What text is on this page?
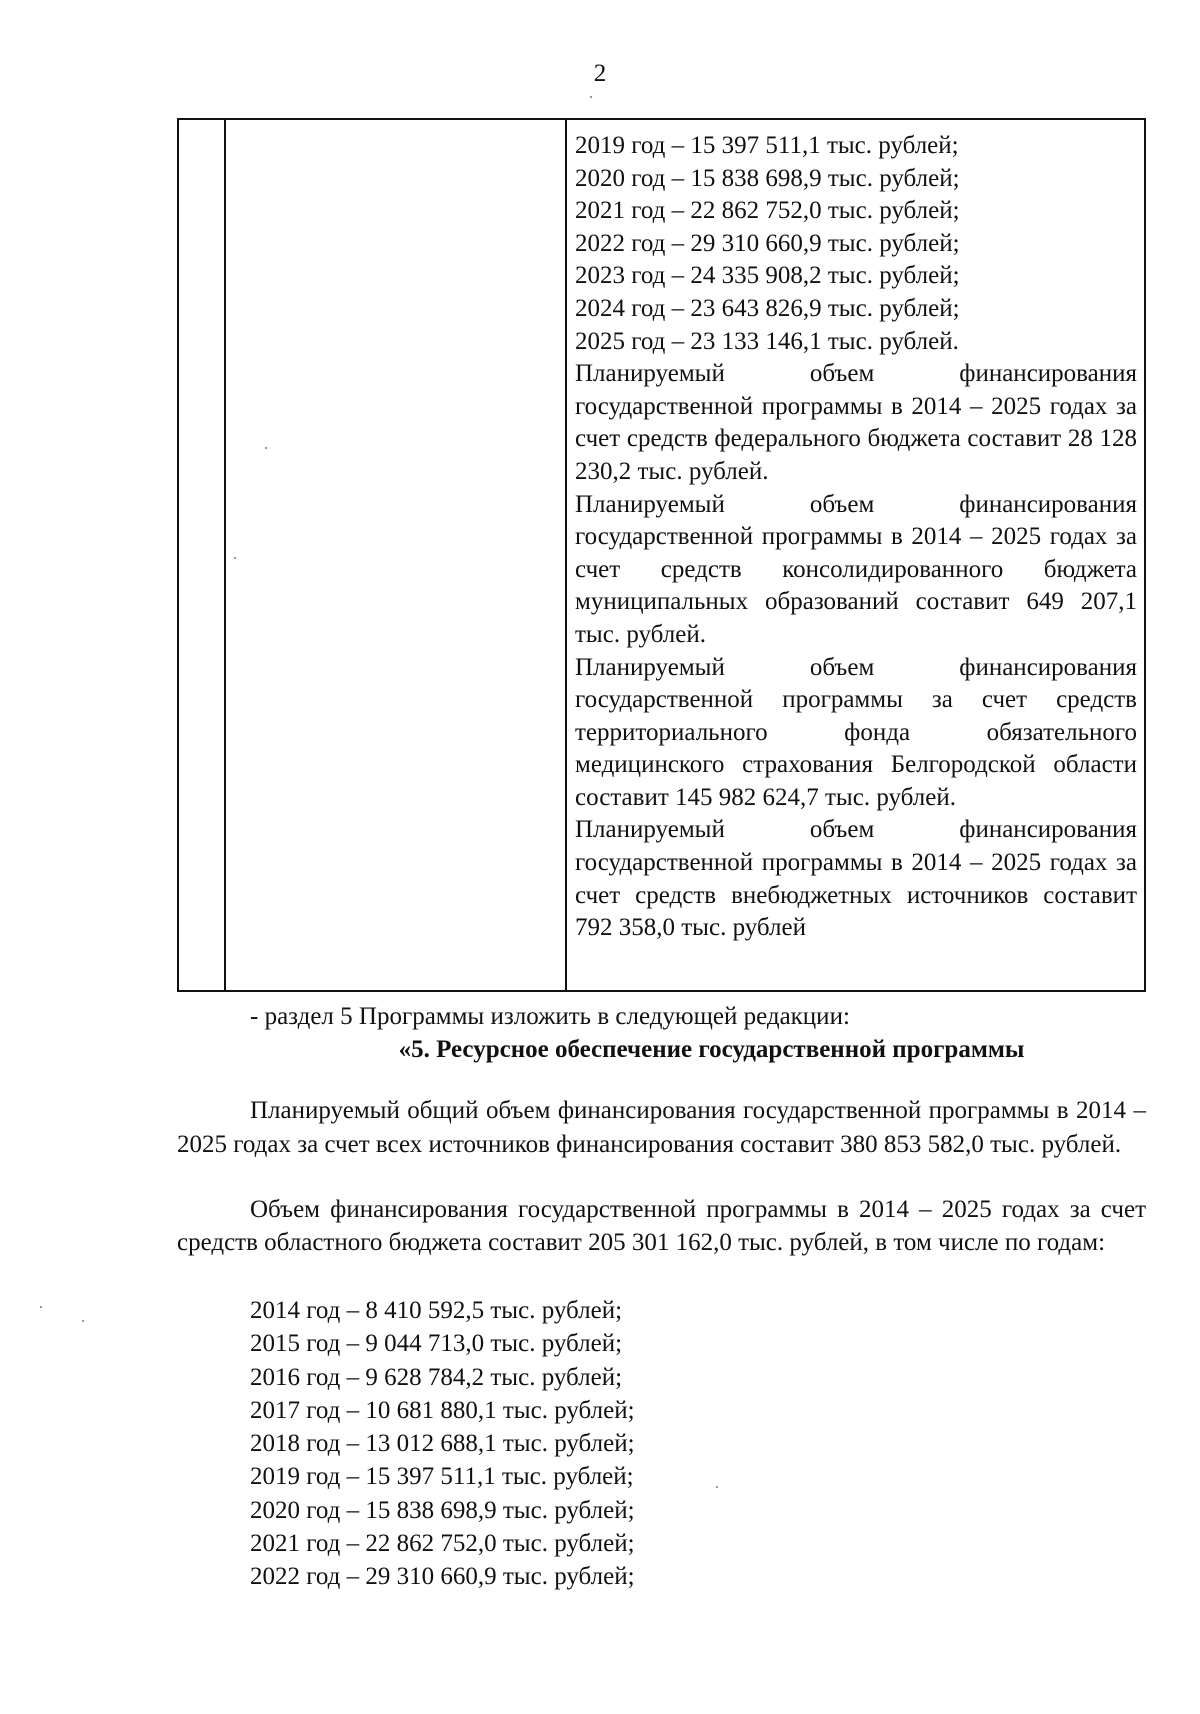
2
2019 год – 15 397 511,1 тыс. рублей;
2020 год – 15 838 698,9 тыс. рублей;
2021 год – 22 862 752,0 тыс. рублей;
2022 год – 29 310 660,9 тыс. рублей;
2023 год – 24 335 908,2 тыс. рублей;
2024 год – 23 643 826,9 тыс. рублей;
2025 год – 23 133 146,1 тыс. рублей.
Планируемый объем финансирования государственной программы в 2014 – 2025 годах за счет средств федерального бюджета составит 28 128 230,2 тыс. рублей.
Планируемый объем финансирования государственной программы в 2014 – 2025 годах за счет средств консолидированного бюджета муниципальных образований составит 649 207,1 тыс. рублей.
Планируемый объем финансирования государственной программы за счет средств территориального фонда обязательного медицинского страхования Белгородской области составит 145 982 624,7 тыс. рублей.
Планируемый объем финансирования государственной программы в 2014 – 2025 годах за счет средств внебюджетных источников составит 792 358,0 тыс. рублей
- раздел 5 Программы изложить в следующей редакции:
«5. Ресурсное обеспечение государственной программы
Планируемый общий объем финансирования государственной программы в 2014 – 2025 годах за счет всех источников финансирования составит 380 853 582,0 тыс. рублей.
Объем финансирования государственной программы в 2014 – 2025 годах за счет средств областного бюджета составит 205 301 162,0 тыс. рублей, в том числе по годам:
2014 год – 8 410 592,5 тыс. рублей;
2015 год – 9 044 713,0 тыс. рублей;
2016 год – 9 628 784,2 тыс. рублей;
2017 год – 10 681 880,1 тыс. рублей;
2018 год – 13 012 688,1 тыс. рублей;
2019 год – 15 397 511,1 тыс. рублей;
2020 год – 15 838 698,9 тыс. рублей;
2021 год – 22 862 752,0 тыс. рублей;
2022 год – 29 310 660,9 тыс. рублей;
